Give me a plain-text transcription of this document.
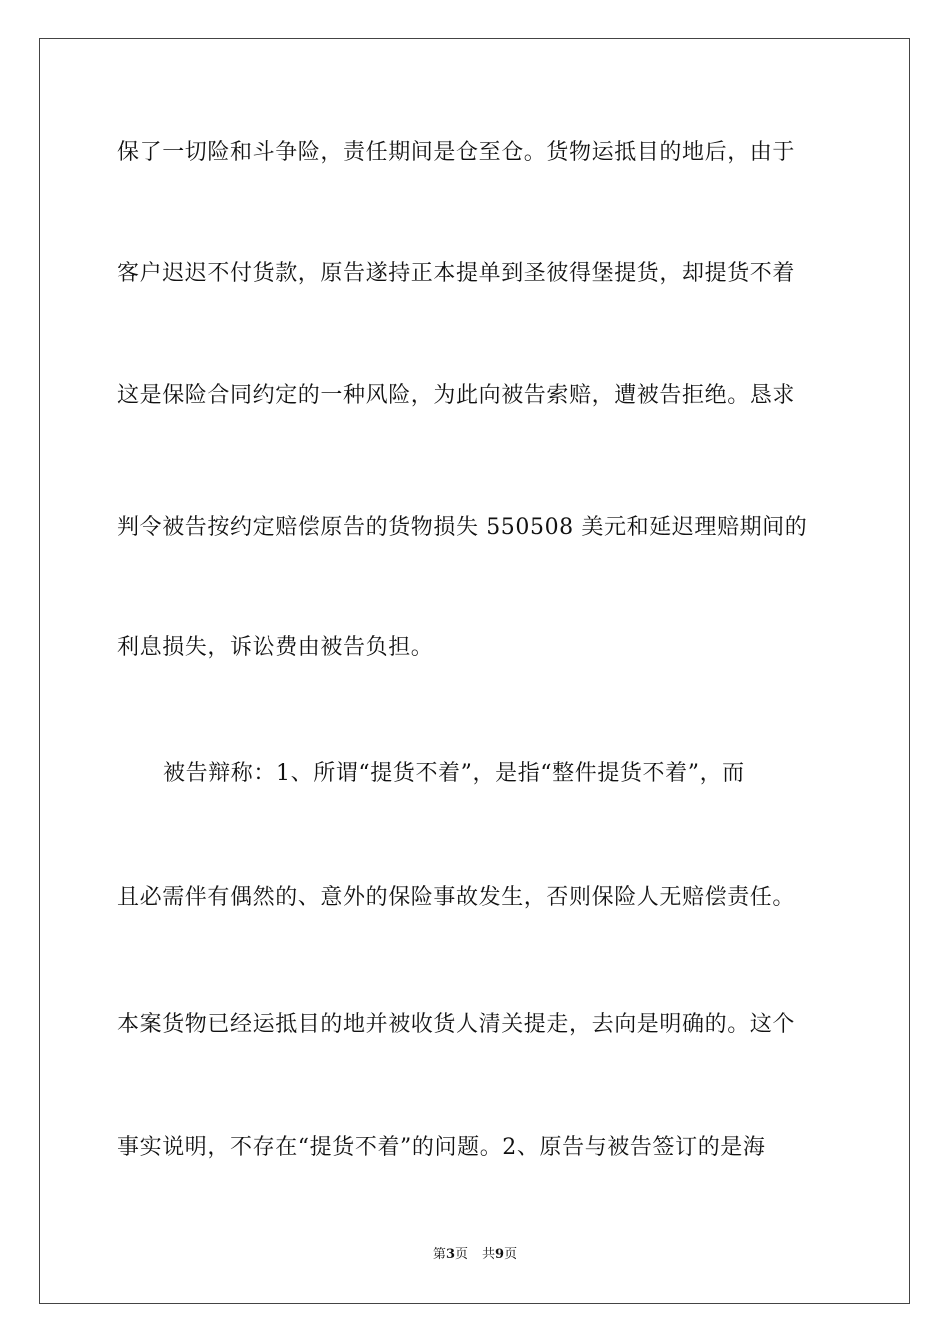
保了一切险和斗争险，责任期间是仓至仓。货物运抵目的地后，由于
客户迟迟不付货款，原告遂持正本提单到圣彼得堡提货，却提货不着
这是保险合同约定的一种风险，为此向被告索赔，遭被告拒绝。恳求
判令被告按约定赔偿原告的货物损失 550508 美元和延迟理赔期间的
利息损失，诉讼费由被告负担。
被告辩称：1、所谓“提货不着”，是指“整件提货不着”，而
且必需伴有偶然的、意外的保险事故发生，否则保险人无赔偿责任。
本案货物已经运抵目的地并被收货人清关提走，去向是明确的。这个
事实说明，不存在“提货不着”的问题。2、原告与被告签订的是海
第3页 共9页
